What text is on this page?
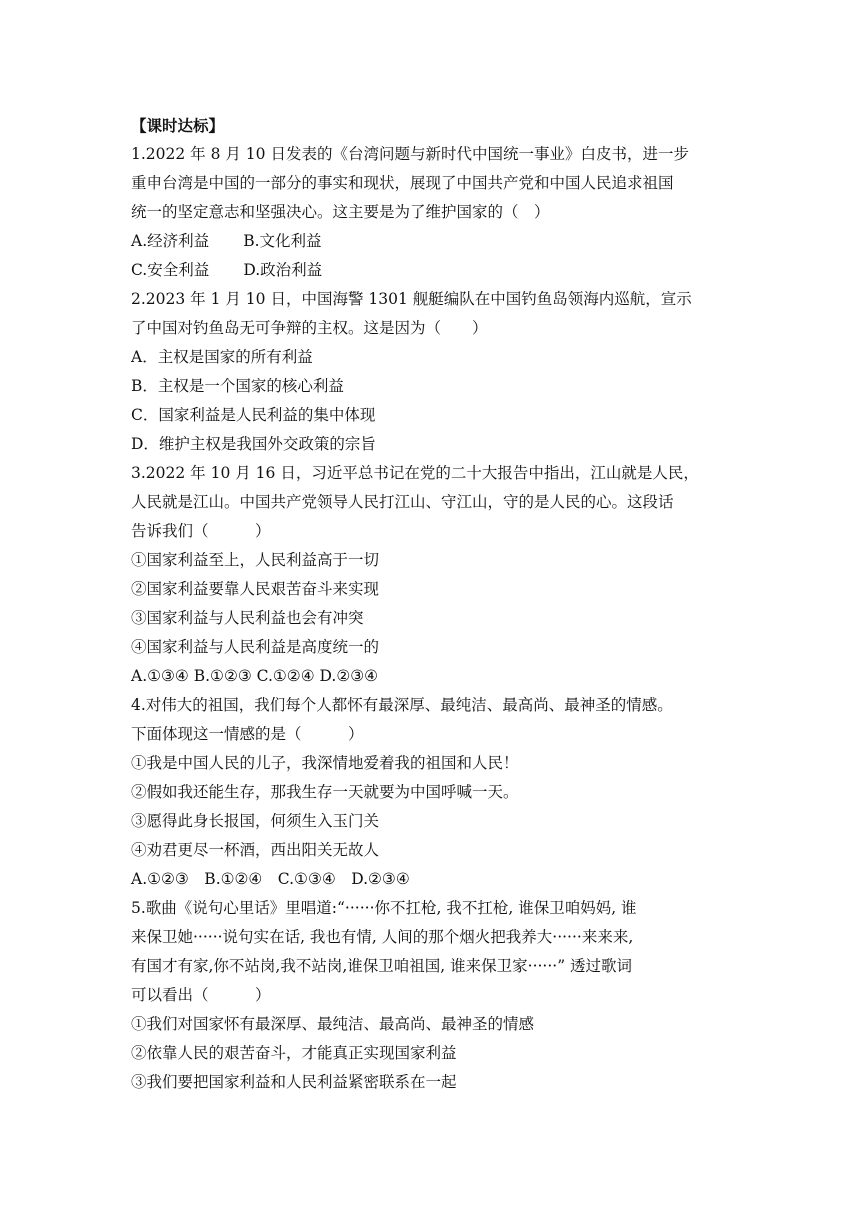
【课时达标】
1.2022 年 8 月 10 日发表的《台湾问题与新时代中国统一事业》白皮书，进一步
重申台湾是中国的一部分的事实和现状，展现了中国共产党和中国人民追求祖国
统一的坚定意志和坚强决心。这主要是为了维护国家的（　）
A.经济利益 B.文化利益
C.安全利益 D.政治利益
2.2023 年 1 月 10 日，中国海警 1301 舰艇编队在中国钓鱼岛领海内巡航，宣示
了中国对钓鱼岛无可争辩的主权。这是因为（　　）
A．主权是国家的所有利益
B．主权是一个国家的核心利益
C．国家利益是人民利益的集中体现
D．维护主权是我国外交政策的宗旨
3.2022 年 10 月 16 日，习近平总书记在党的二十大报告中指出，江山就是人民，
人民就是江山。中国共产党领导人民打江山、守江山，守的是人民的心。这段话
告诉我们（　　　）
①国家利益至上，人民利益高于一切
②国家利益要靠人民艰苦奋斗来实现
③国家利益与人民利益也会有冲突
④国家利益与人民利益是高度统一的
A.①③④ B.①②③ C.①②④ D.②③④
4.对伟大的祖国，我们每个人都怀有最深厚、最纯洁、最高尚、最神圣的情感。
下面体现这一情感的是（　　　）
①我是中国人民的儿子，我深情地爱着我的祖国和人民！
②假如我还能生存，那我生存一天就要为中国呼喊一天。
③愿得此身长报国，何须生入玉门关
④劝君更尽一杯酒，西出阳关无故人
A.①②③　B.①②④　C.①③④　D.②③④
5.歌曲《说句心里话》里唱道:“······你不扛枪, 我不扛枪, 谁保卫咱妈妈, 谁
来保卫她······说句实在话, 我也有情, 人间的那个烟火把我养大······来来来,
有国才有家,你不站岗,我不站岗,谁保卫咱祖国, 谁来保卫家······” 透过歌词
可以看出（　　　）
①我们对国家怀有最深厚、最纯洁、最高尚、最神圣的情感
②依靠人民的艰苦奋斗，才能真正实现国家利益
③我们要把国家利益和人民利益紧密联系在一起
